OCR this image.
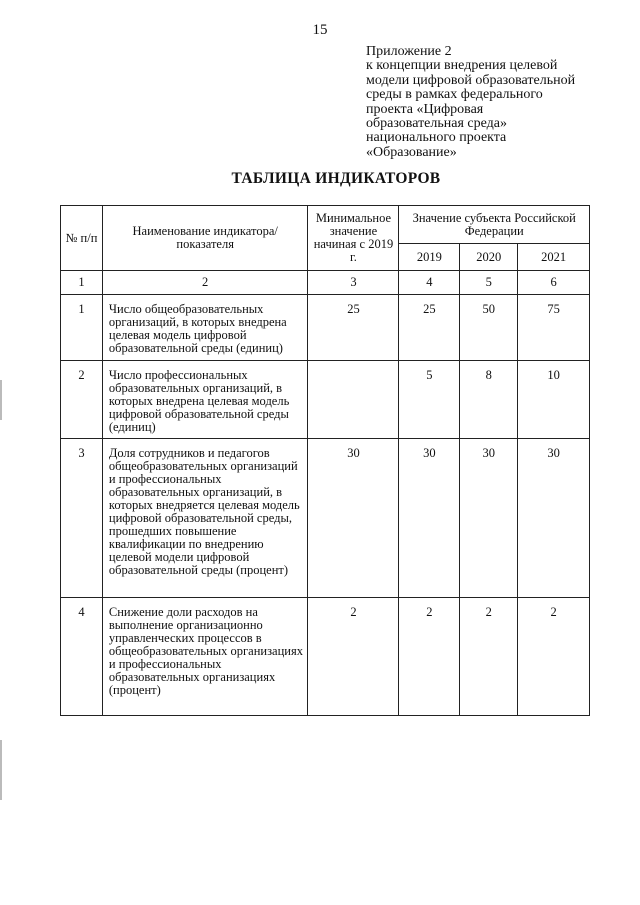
15
Приложение 2
к концепции внедрения целевой
модели цифровой образовательной
среды в рамках федерального
проекта «Цифровая
образовательная среда»
национального проекта
«Образование»
ТАБЛИЦА ИНДИКАТОРОВ
№ п/п	Наименование индикатора/показателя	Минимальное значение начиная с 2019 г.	Значение субъекта Российской Федерации		
			2019	2020	2021
1	2	3	4	5	6
1	Число общеобразовательных организаций, в которых внедрена целевая модель цифровой образовательной среды (единиц)	25	25	50	75
2	Число профессиональных образовательных организаций, в которых внедрена целевая модель цифровой образовательной среды (единиц)		5	8	10
3	Доля сотрудников и педагогов общеобразовательных организаций и профессиональных образовательных организаций, в которых внедряется целевая модель цифровой образовательной среды, прошедших повышение квалификации по внедрению целевой модели цифровой образовательной среды (процент)	30	30	30	30
4	Снижение доли расходов на выполнение организационно управленческих процессов в общеобразовательных организациях и профессиональных образовательных организациях (процент)	2	2	2	2
